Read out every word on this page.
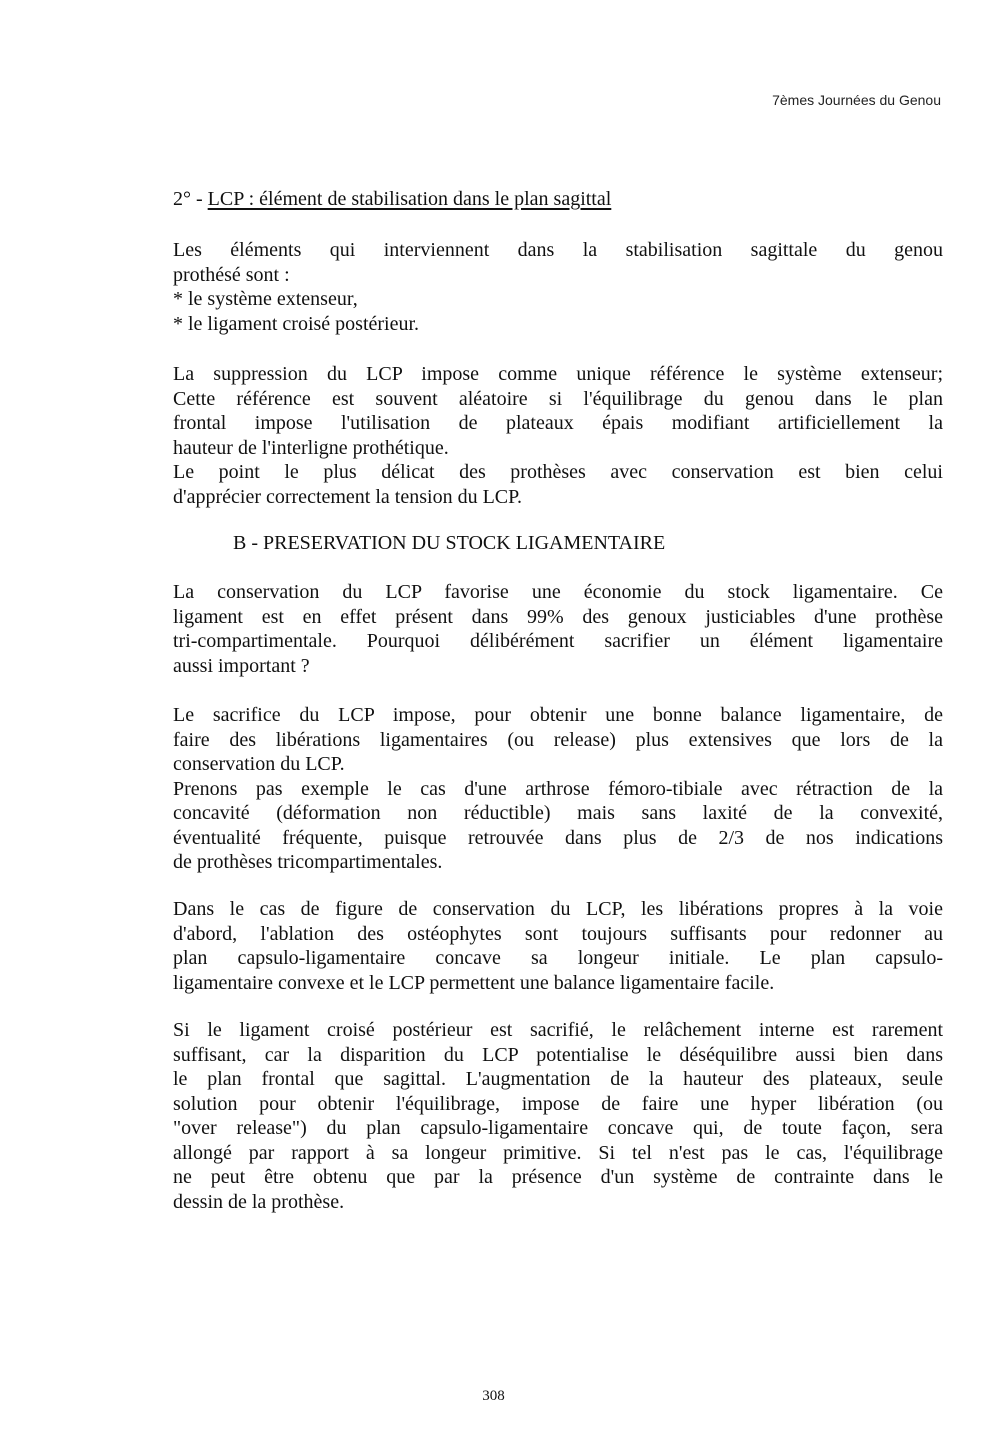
7èmes Journées du Genou
2° - LCP : élément de stabilisation dans le plan sagittal
Les éléments qui interviennent dans la stabilisation sagittale du genou
prothésé sont :
* le système extenseur,
* le ligament croisé postérieur.
La suppression du LCP impose comme unique référence le système extenseur;
Cette référence est souvent aléatoire si l'équilibrage du genou dans le plan
frontal impose l'utilisation de plateaux épais modifiant artificiellement la
hauteur de l'interligne prothétique.
Le point le plus délicat des prothèses avec conservation est bien celui
d'apprécier correctement la tension du LCP.
B - PRESERVATION DU STOCK LIGAMENTAIRE
La conservation du LCP favorise une économie du stock ligamentaire. Ce
ligament est en effet présent dans 99% des genoux justiciables d'une prothèse
tri-compartimentale. Pourquoi délibérément sacrifier un élément ligamentaire
aussi important ?
Le sacrifice du LCP impose, pour obtenir une bonne balance ligamentaire, de
faire des libérations ligamentaires (ou release) plus extensives que lors de la
conservation du LCP.
Prenons pas exemple le cas d'une arthrose fémoro-tibiale avec rétraction de la
concavité (déformation non réductible) mais sans laxité de la convexité,
éventualité fréquente, puisque retrouvée dans plus de 2/3 de nos indications
de prothèses tricompartimentales.
Dans le cas de figure de conservation du LCP, les libérations propres à la voie
d'abord, l'ablation des ostéophytes sont toujours suffisants pour redonner au
plan capsulo-ligamentaire concave sa longeur initiale. Le plan capsulo-
ligamentaire convexe et le LCP permettent une balance ligamentaire facile.
Si le ligament croisé postérieur est sacrifié, le relâchement interne est rarement
suffisant, car la disparition du LCP potentialise le déséquilibre aussi bien dans
le plan frontal que sagittal. L'augmentation de la hauteur des plateaux, seule
solution pour obtenir l'équilibrage, impose de faire une hyper libération (ou
"over release") du plan capsulo-ligamentaire concave qui, de toute façon, sera
allongé par rapport à sa longeur primitive. Si tel n'est pas le cas, l'équilibrage
ne peut être obtenu que par la présence d'un système de contrainte dans le
dessin de la prothèse.
308
